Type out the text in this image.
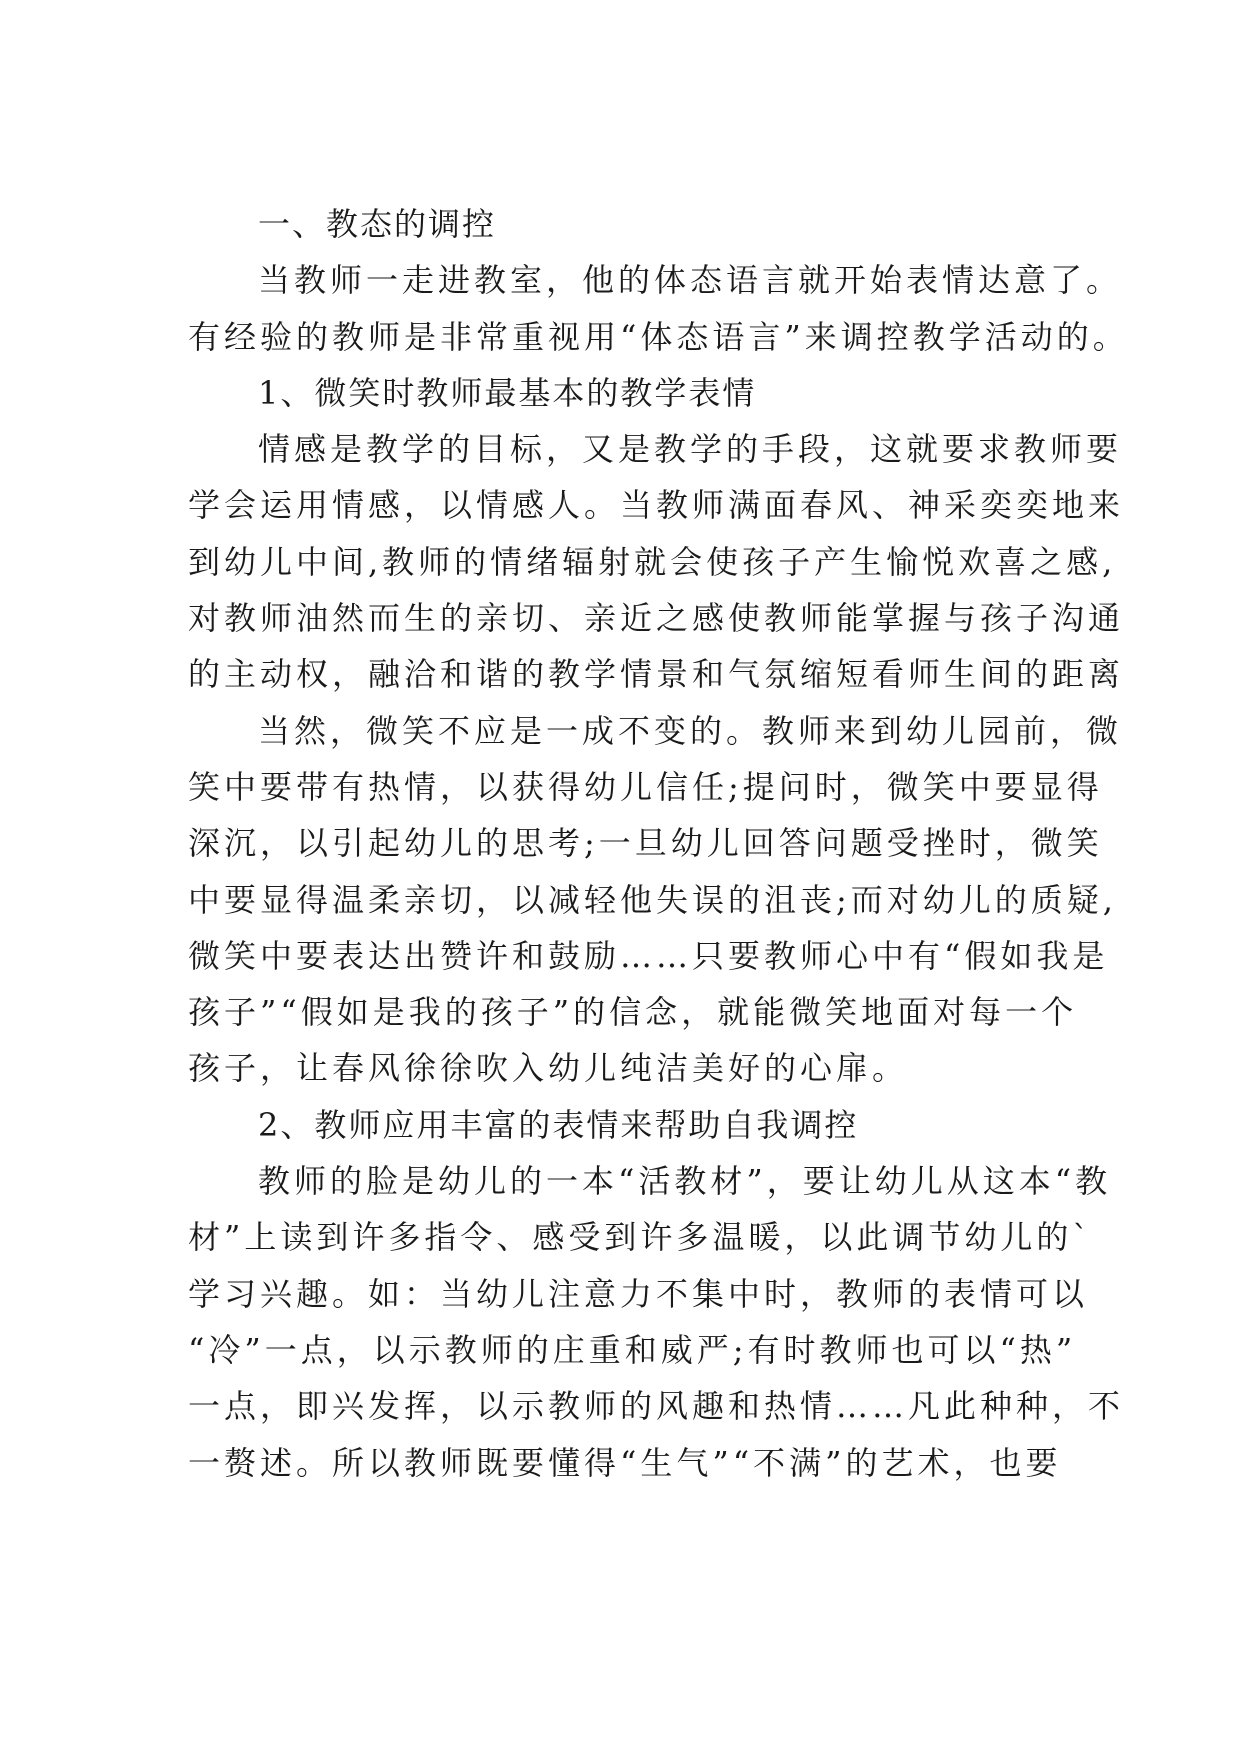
一、教态的调控
当教师一走进教室，他的体态语言就开始表情达意了。
有经验的教师是非常重视用“体态语言”来调控教学活动的。
1、微笑时教师最基本的教学表情
情感是教学的目标，又是教学的手段，这就要求教师要
学会运用情感，以情感人。当教师满面春风、神采奕奕地来
到幼儿中间,教师的情绪辐射就会使孩子产生愉悦欢喜之感,
对教师油然而生的亲切、亲近之感使教师能掌握与孩子沟通
的主动权，融洽和谐的教学情景和气氛缩短看师生间的距离
当然，微笑不应是一成不变的。教师来到幼儿园前，微
笑中要带有热情，以获得幼儿信任;提问时，微笑中要显得
深沉，以引起幼儿的思考;一旦幼儿回答问题受挫时，微笑
中要显得温柔亲切，以减轻他失误的沮丧;而对幼儿的质疑,
微笑中要表达出赞许和鼓励……只要教师心中有“假如我是
孩子”“假如是我的孩子”的信念，就能微笑地面对每一个
孩子，让春风徐徐吹入幼儿纯洁美好的心扉。
2、教师应用丰富的表情来帮助自我调控
教师的脸是幼儿的一本“活教材”，要让幼儿从这本“教
材”上读到许多指令、感受到许多温暖，以此调节幼儿的`
学习兴趣。如：当幼儿注意力不集中时，教师的表情可以
“冷”一点，以示教师的庄重和威严;有时教师也可以“热”
一点，即兴发挥，以示教师的风趣和热情……凡此种种，不
一赘述。所以教师既要懂得“生气”“不满”的艺术，也要
